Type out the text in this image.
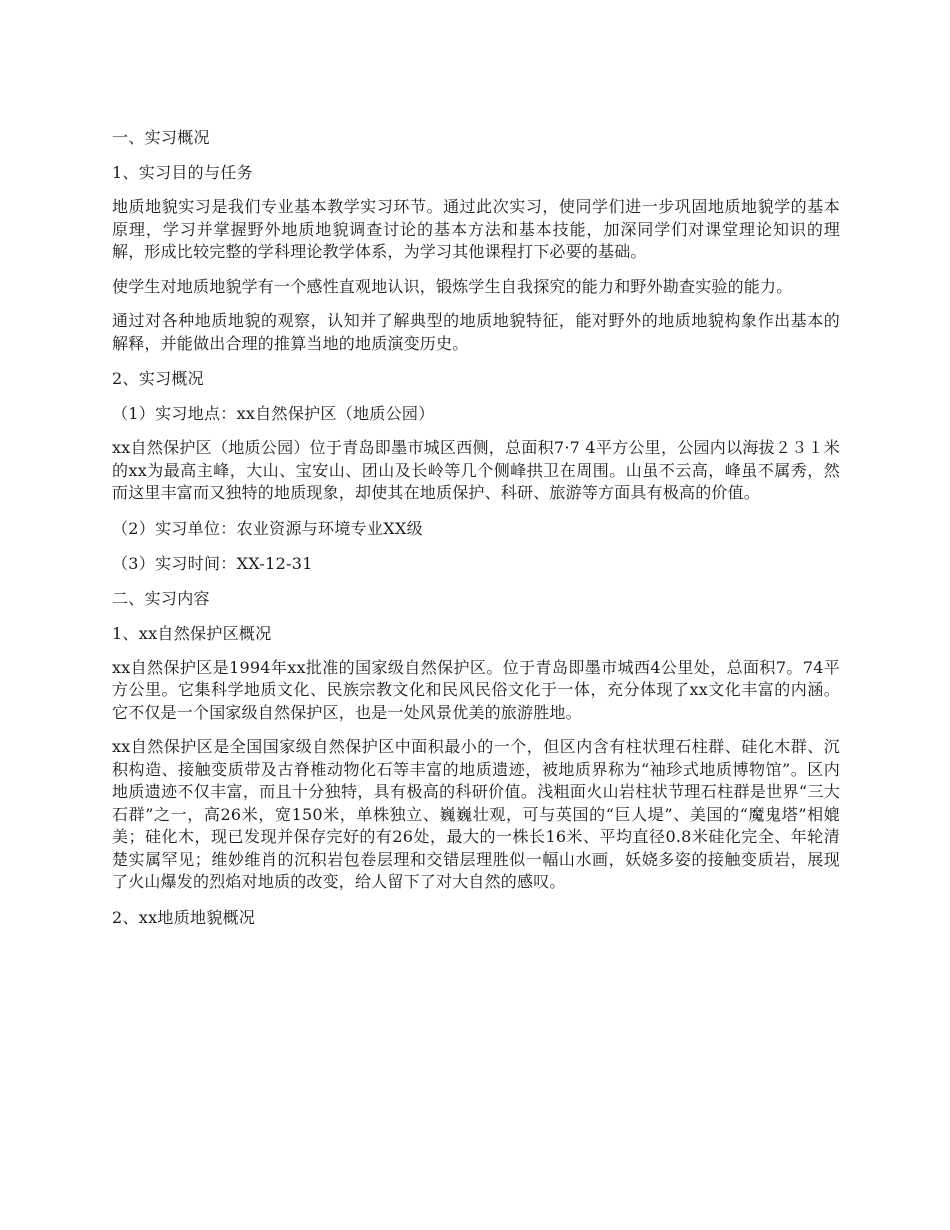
一、实习概况
1、实习目的与任务
地质地貌实习是我们专业基本教学实习环节。通过此次实习，使同学们进一步巩固地质地貌学的基本原理，学习并掌握野外地质地貌调查讨论的基本方法和基本技能，加深同学们对课堂理论知识的理解，形成比较完整的学科理论教学体系，为学习其他课程打下必要的基础。
使学生对地质地貌学有一个感性直观地认识，锻炼学生自我探究的能力和野外勘查实验的能力。
通过对各种地质地貌的观察，认知并了解典型的地质地貌特征，能对野外的地质地貌构象作出基本的解释，并能做出合理的推算当地的地质演变历史。
2、实习概况
（1）实习地点：xx自然保护区（地质公园）
xx自然保护区（地质公园）位于青岛即墨市城区西侧，总面积7·7 4平方公里，公园内以海拔２３１米的xx为最高主峰，大山、宝安山、团山及长岭等几个侧峰拱卫在周围。山虽不云高，峰虽不属秀，然而这里丰富而又独特的地质现象，却使其在地质保护、科研、旅游等方面具有极高的价值。
（2）实习单位：农业资源与环境专业XX级
（3）实习时间：XX-12-31
二、实习内容
1、xx自然保护区概况
xx自然保护区是1994年xx批准的国家级自然保护区。位于青岛即墨市城西4公里处，总面积7。74平方公里。它集科学地质文化、民族宗教文化和民风民俗文化于一体，充分体现了xx文化丰富的内涵。它不仅是一个国家级自然保护区，也是一处风景优美的旅游胜地。
xx自然保护区是全国国家级自然保护区中面积最小的一个，但区内含有柱状理石柱群、硅化木群、沉积构造、接触变质带及古脊椎动物化石等丰富的地质遗迹，被地质界称为“袖珍式地质博物馆”。区内地质遗迹不仅丰富，而且十分独特，具有极高的科研价值。浅粗面火山岩柱状节理石柱群是世界“三大石群”之一，高26米，宽150米，单株独立、巍巍壮观，可与英国的“巨人堤”、美国的“魔鬼塔”相媲美；硅化木，现已发现并保存完好的有26处，最大的一株长16米、平均直径0.8米硅化完全、年轮清楚实属罕见；维妙维肖的沉积岩包卷层理和交错层理胜似一幅山水画，妖娆多姿的接触变质岩，展现了火山爆发的烈焰对地质的改变，给人留下了对大自然的感叹。
2、xx地质地貌概况
